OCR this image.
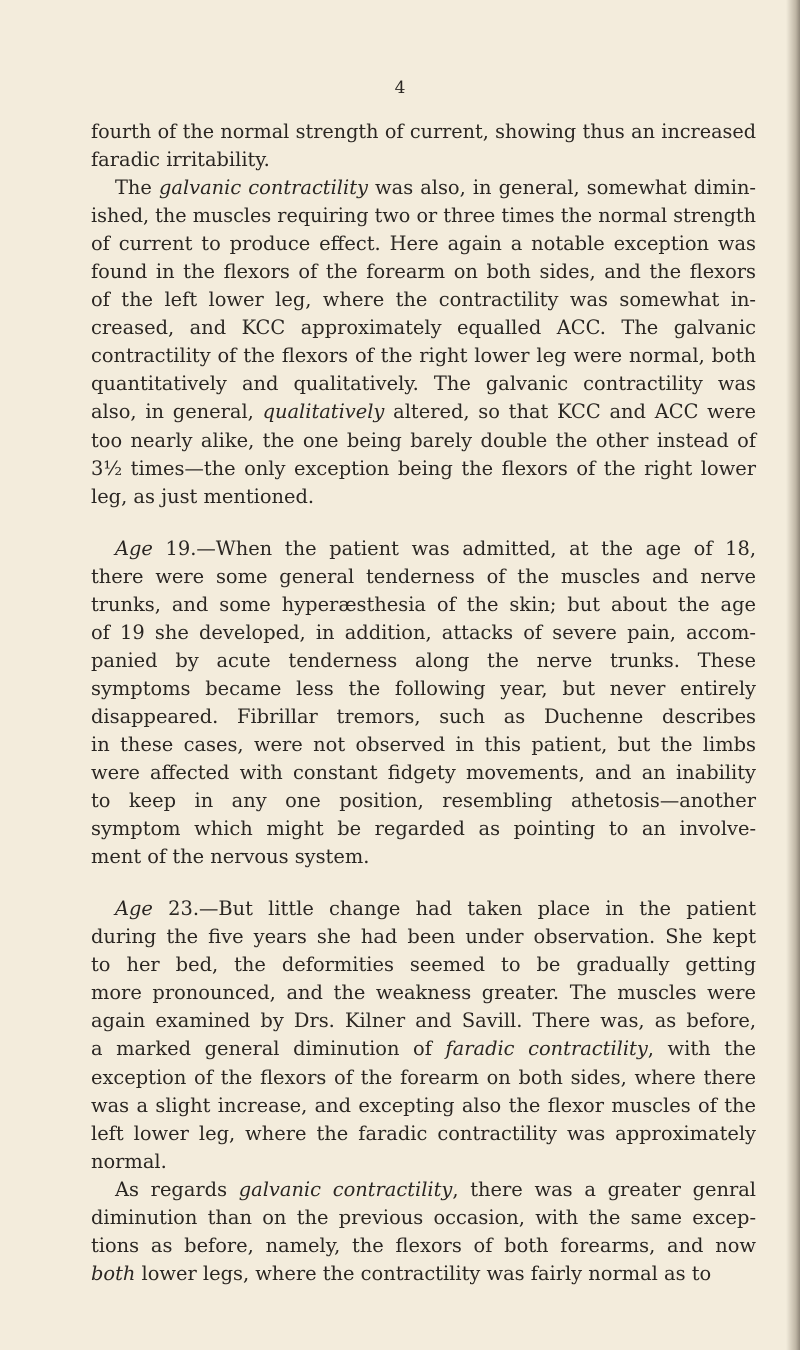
4
fourth of the normal strength of current, showing thus an increased
faradic irritability.
The galvanic contractility was also, in general, somewhat dimin-
ished, the muscles requiring two or three times the normal strength
of current to produce effect. Here again a notable exception was
found in the flexors of the forearm on both sides, and the flexors
of the left lower leg, where the contractility was somewhat in-
creased, and KCC approximately equalled ACC. The galvanic
contractility of the flexors of the right lower leg were normal, both
quantitatively and qualitatively. The galvanic contractility was
also, in general, qualitatively altered, so that KCC and ACC were
too nearly alike, the one being barely double the other instead of
3½ times—the only exception being the flexors of the right lower
leg, as just mentioned.
Age 19.—When the patient was admitted, at the age of 18,
there were some general tenderness of the muscles and nerve
trunks, and some hyperæsthesia of the skin; but about the age
of 19 she developed, in addition, attacks of severe pain, accom-
panied by acute tenderness along the nerve trunks. These
symptoms became less the following year, but never entirely
disappeared. Fibrillar tremors, such as Duchenne describes
in these cases, were not observed in this patient, but the limbs
were affected with constant fidgety movements, and an inability
to keep in any one position, resembling athetosis—another
symptom which might be regarded as pointing to an involve-
ment of the nervous system.
Age 23.—But little change had taken place in the patient
during the five years she had been under observation. She kept
to her bed, the deformities seemed to be gradually getting
more pronounced, and the weakness greater. The muscles were
again examined by Drs. Kilner and Savill. There was, as before,
a marked general diminution of faradic contractility, with the
exception of the flexors of the forearm on both sides, where there
was a slight increase, and excepting also the flexor muscles of the
left lower leg, where the faradic contractility was approximately
normal.
As regards galvanic contractility, there was a greater genral
diminution than on the previous occasion, with the same excep-
tions as before, namely, the flexors of both forearms, and now
both lower legs, where the contractility was fairly normal as to
